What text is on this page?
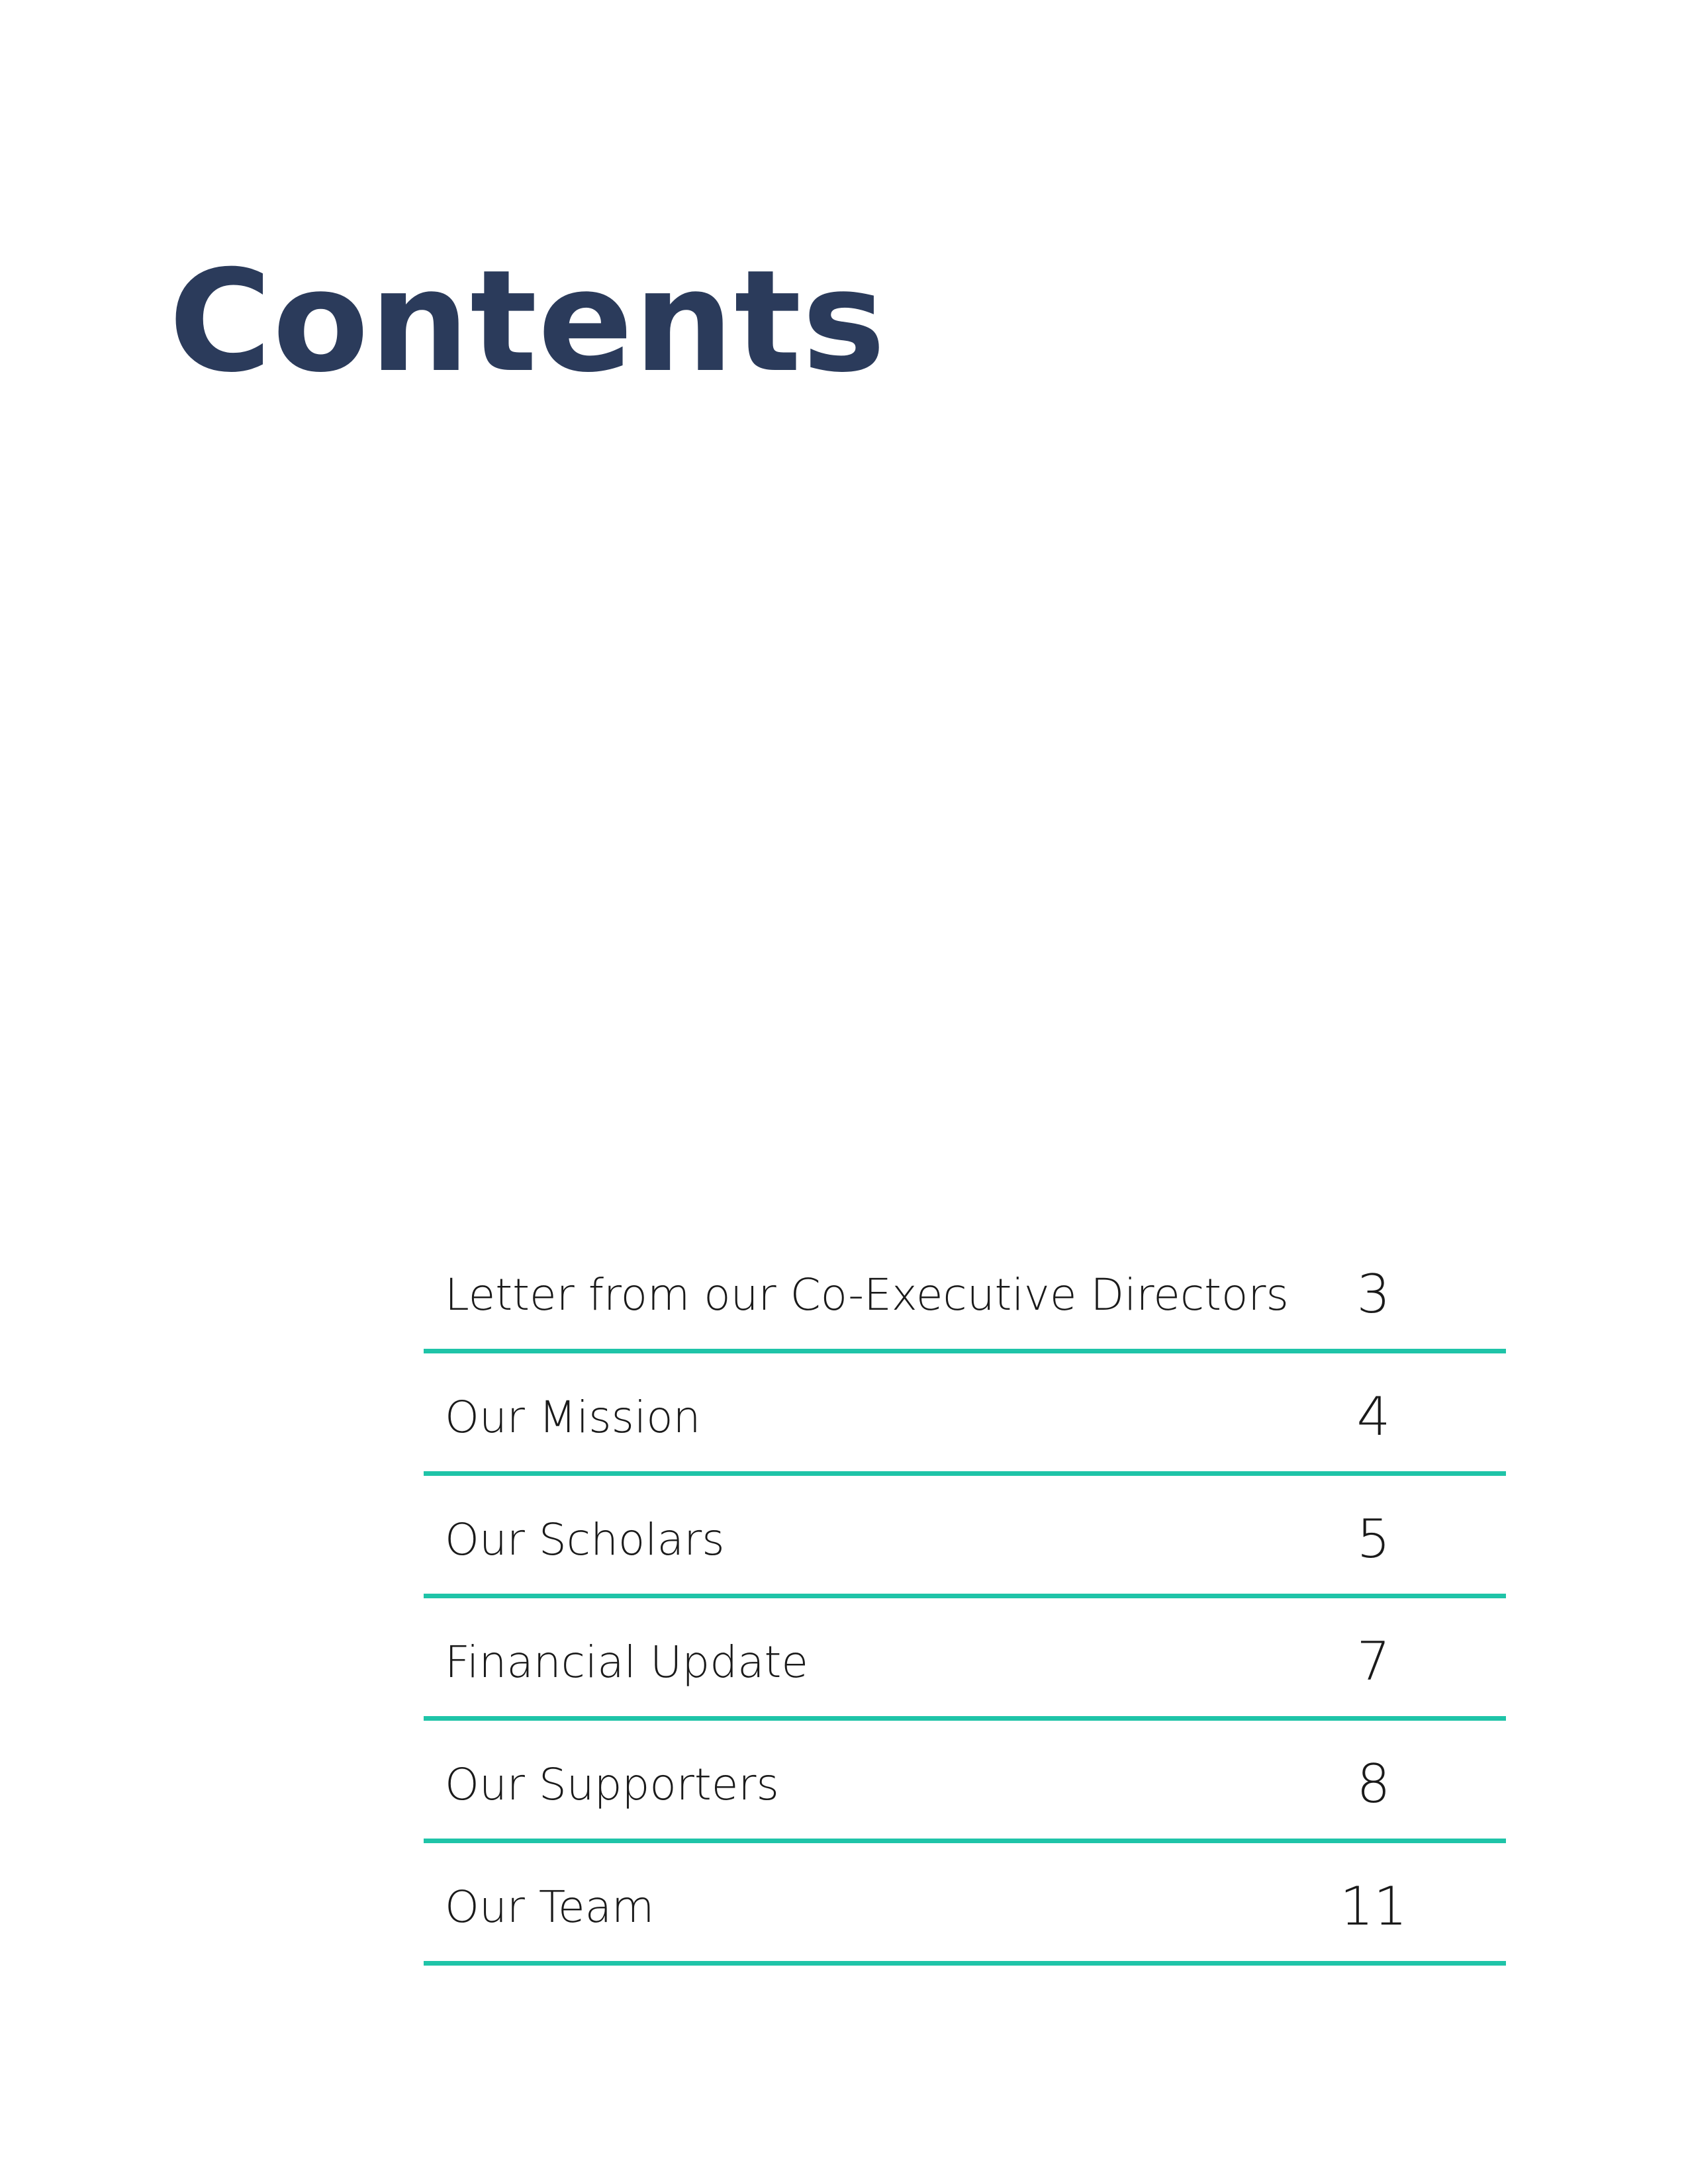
Contents
Letter from our Co-Executive Directors	3
Our Mission	4
Our Scholars	5
Financial Update	7
Our Supporters	8
Our Team	11
